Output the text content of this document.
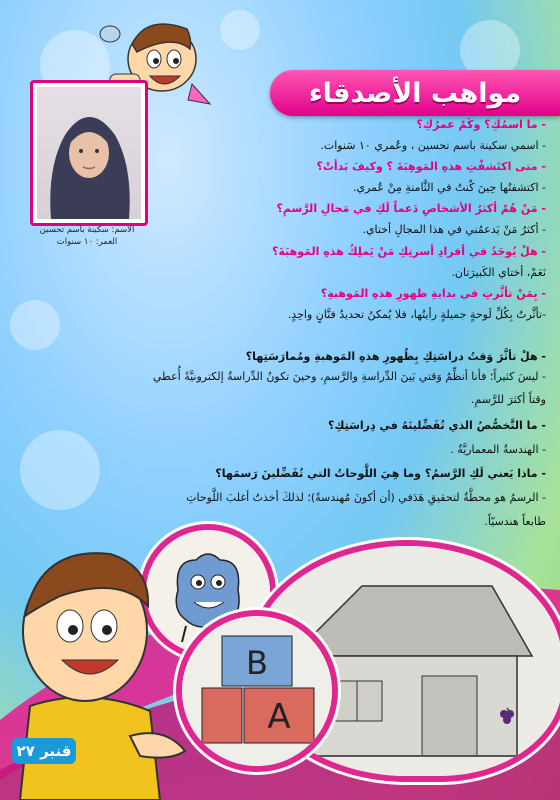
مواهب الأصدقاء
الاسم: سكينة باسم تحسين
العمر: ١٠ سنوات
- ما اسمُكِ؟ وكَمْ عمرُكِ؟
- اسمي سكينة باسم تحسين ، وعُمري ١٠ سَنوات.
- متى اكتَشفْتِ هذهِ المَوهِبَةَ ؟ وكيفَ بَدأتْ؟
- اكتشفتُها حِينَ كُنتُ في الثَّامنةِ مِنْ عُمري.
- مَنْ هُمْ أكثرُ الأشخاصِ دَعماً لَكِ في مَجالِ الرَّسمِ؟
- أكثرُ مَنْ يَدعمُني في هذا المجالِ أختاي.
- هلْ يُوجَدُ في أفرادِ أسرتِكِ مَنْ يَملِكُ هذهِ المَوهبَةَ؟
نَعَمْ، أختاي الكَبيرَتان.
- بِمَنْ تأثَّرتِ في بدايةِ ظهورِ هذهِ المَوهبةِ؟
-تأثَّرتُ بِكُلِّ لَوحةٍ جميلةٍ رأيتُها، فلا يُمكنُ تحديدُ فنَّانٍ واحِدٍ.
- هلْ تأثَّرَ وَقتُ دراسَتِكِ بِظُهورِ هذهِ المَوهبةِ ومُمارَسَتِها؟
- ليسَ كثيراً؛ فأنا أنظِّمُ وَقتي بَينَ الدِّراسةِ والرَّسمِ، وحينَ تكونُ الدِّراسةُ إلكترونيَّةً أُعطي
وقتاً أكثرَ للرَّسمِ.
- ما التَّخصُّصُ الذي تُفَضِّلينَهُ في دِراسَتِكِ؟
- الهندسةُ المعماريَّةُ .
- ماذا يَعني لَكِ الرَّسمُ؟ وما هِيَ اللَّوحاتُ التي تُفَضِّلينَ رَسمَها؟
- الرسمُ هو محطَّةٌ لتحقيقِ هَدَفي (أن أكونَ مُهندسةً)؛ لذلكَ أخذتُ أغلبَ اللَّوحاتِ
طابعاً هندسيّاً.
B
A
قنبر ٢٧
